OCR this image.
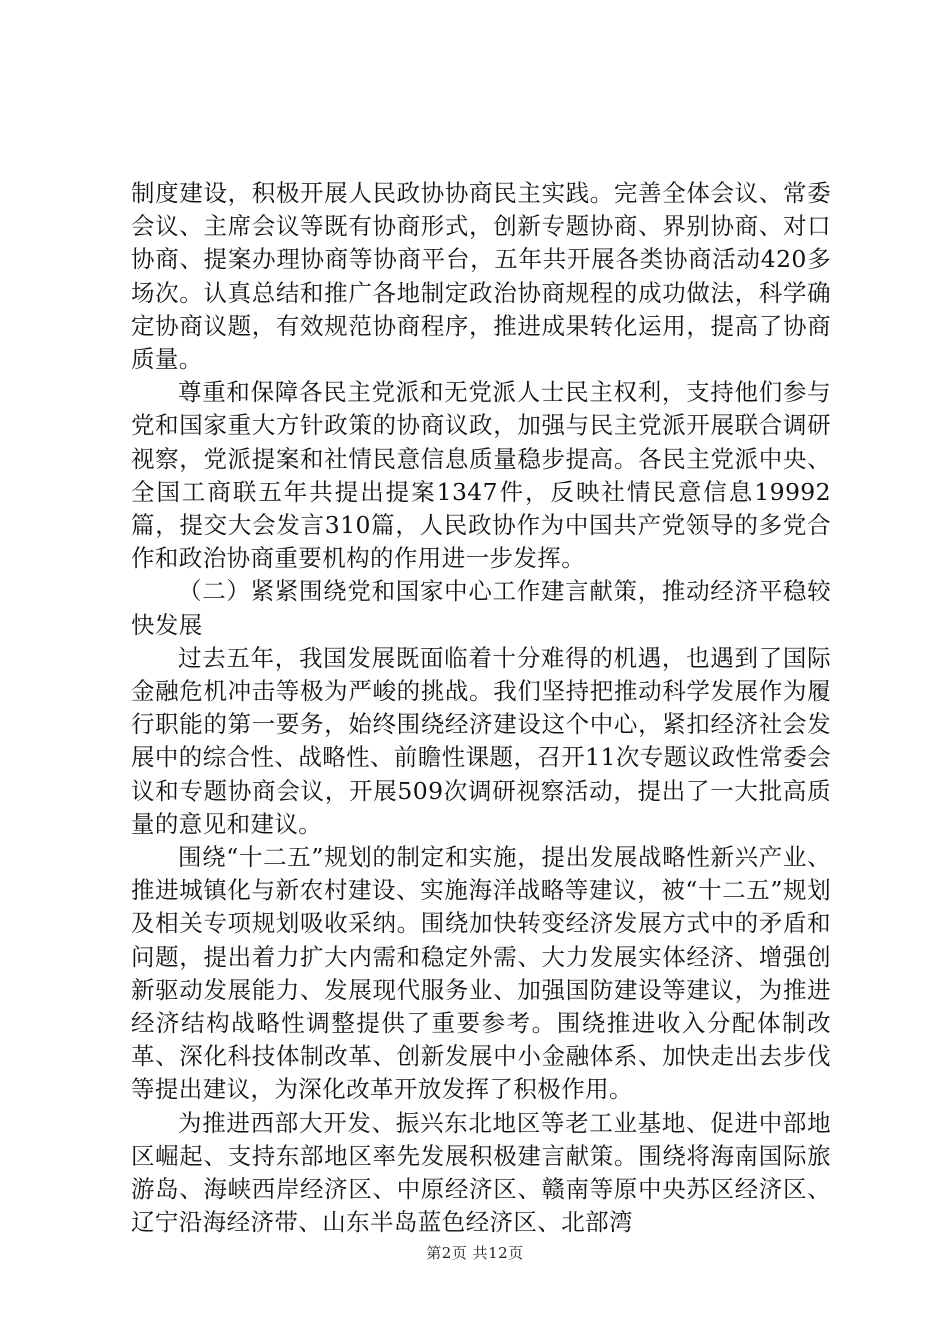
制度建设，积极开展人民政协协商民主实践。完善全体会议、常委会议、主席会议等既有协商形式，创新专题协商、界别协商、对口协商、提案办理协商等协商平台，五年共开展各类协商活动420多场次。认真总结和推广各地制定政治协商规程的成功做法，科学确定协商议题，有效规范协商程序，推进成果转化运用，提高了协商质量。

尊重和保障各民主党派和无党派人士民主权利，支持他们参与党和国家重大方针政策的协商议政，加强与民主党派开展联合调研视察，党派提案和社情民意信息质量稳步提高。各民主党派中央、全国工商联五年共提出提案1347件，反映社情民意信息19992篇，提交大会发言310篇，人民政协作为中国共产党领导的多党合作和政治协商重要机构的作用进一步发挥。

（二）紧紧围绕党和国家中心工作建言献策，推动经济平稳较快发展

过去五年，我国发展既面临着十分难得的机遇，也遇到了国际金融危机冲击等极为严峻的挑战。我们坚持把推动科学发展作为履行职能的第一要务，始终围绕经济建设这个中心，紧扣经济社会发展中的综合性、战略性、前瞻性课题，召开11次专题议政性常委会议和专题协商会议，开展509次调研视察活动，提出了一大批高质量的意见和建议。

围绕“十二五”规划的制定和实施，提出发展战略性新兴产业、推进城镇化与新农村建设、实施海洋战略等建议，被“十二五”规划及相关专项规划吸收采纳。围绕加快转变经济发展方式中的矛盾和问题，提出着力扩大内需和稳定外需、大力发展实体经济、增强创新驱动发展能力、发展现代服务业、加强国防建设等建议，为推进经济结构战略性调整提供了重要参考。围绕推进收入分配体制改革、深化科技体制改革、创新发展中小金融体系、加快走出去步伐等提出建议，为深化改革开放发挥了积极作用。

为推进西部大开发、振兴东北地区等老工业基地、促进中部地区崛起、支持东部地区率先发展积极建言献策。围绕将海南国际旅游岛、海峡西岸经济区、中原经济区、赣南等原中央苏区经济区、辽宁沿海经济带、山东半岛蓝色经济区、北部湾

第2页 共12页
